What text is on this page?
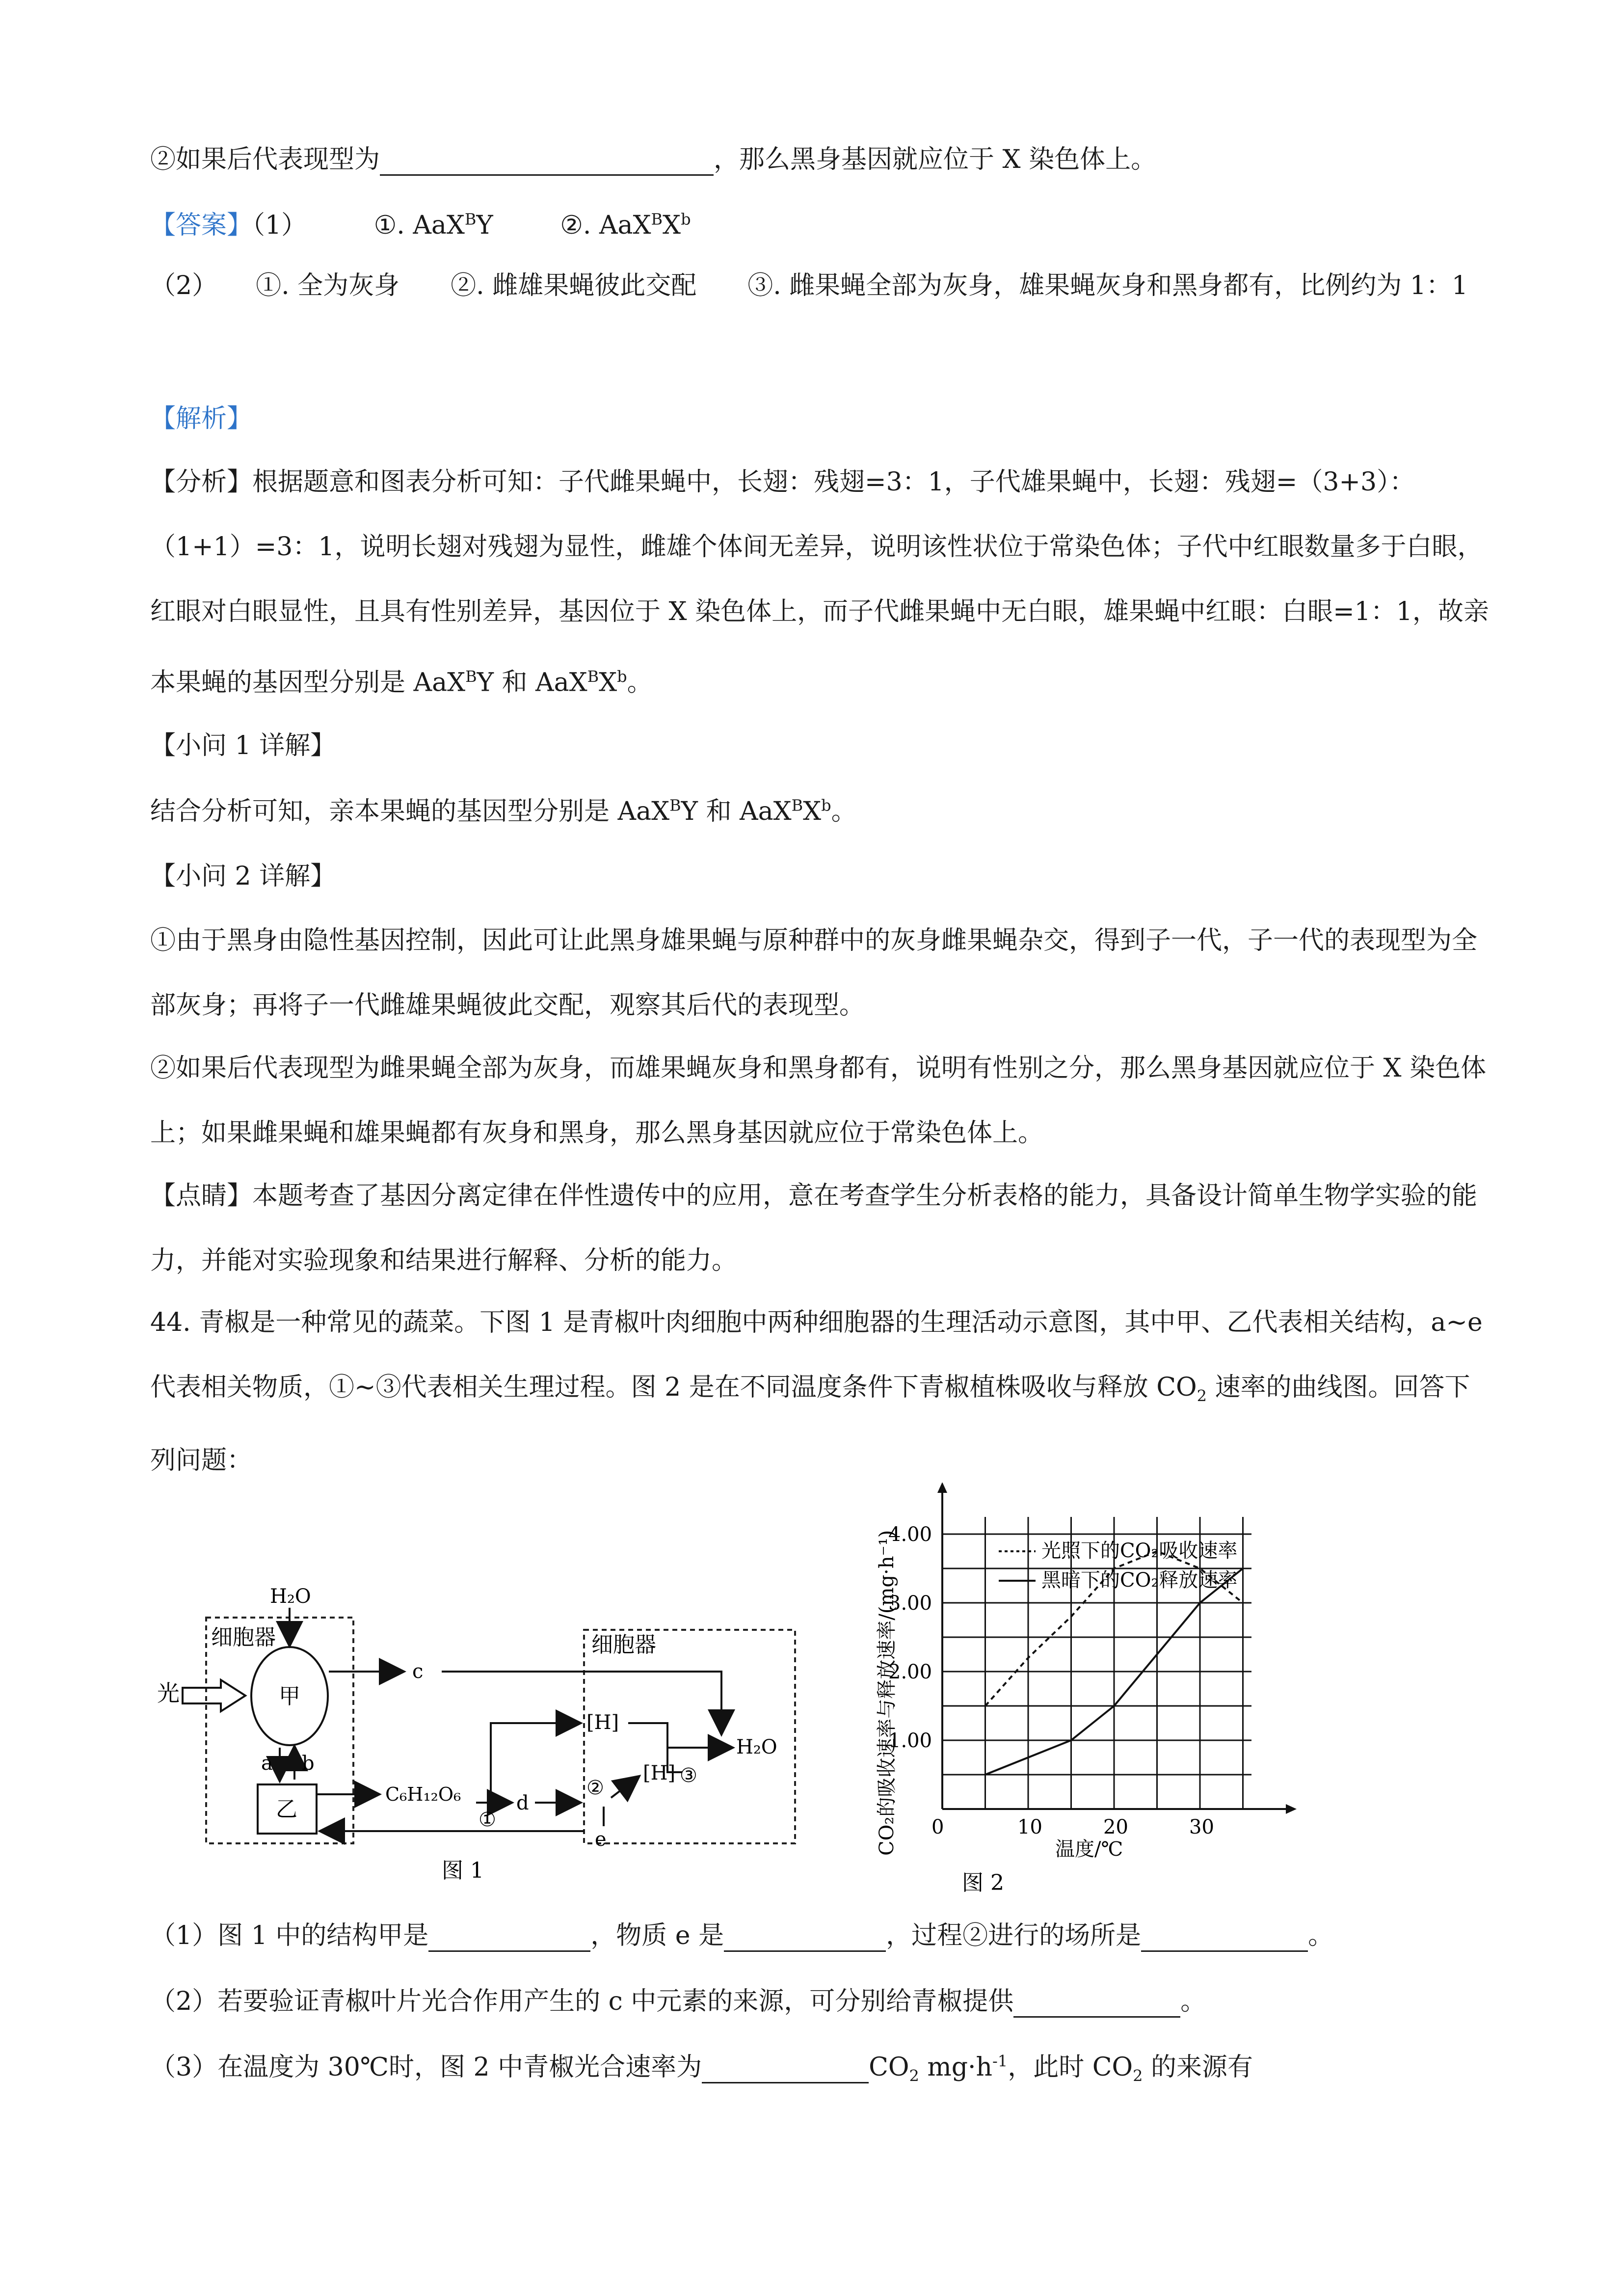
②如果后代表现型为	，那么黑身基因就应位于 X 染色体上。
【答案】（1）	①. AaX$^B$Y	②. $AaX^BX^b$

（2）　　①. 全为灰身　　②. 雌雄果蝇彼此交配　　③. 雌果蝇全部为灰身，雄果蝇灰身和黑身都有，比例约为 1：1

【解析】

【分析】根据题意和图表分析可知：子代雌果蝇中，长翅：残翅=3：1，子代雄果蝇中，长翅：残翅=（3+3）：（1+1）=3：1，说明长翅对残翅为显性，雌雄个体间无差异，说明该性状位于常染色体；子代中红眼数量多于白眼，红眼对白眼显性，且具有性别差异，基因位于 X 染色体上，而子代雌果蝇中无白眼，雄果蝇中红眼：白眼=1：1，故亲本果蝇的基因型分别是 AaX$^B$Y 和 $AaX^BX^b$。

【小问 1 详解】
结合分析可知，亲本果蝇的基因型分别是 AaX$^B$Y 和 $AaX^BX^b$。
【小问 2 详解】

①由于黑身由隐性基因控制，因此可让此黑身雄果蝇与原种群中的灰身雌果蝇杂交，得到子一代，子一代的表现型为全部灰身；再将子一代雌雄果蝇彼此交配，观察其后代的表现型。

②如果后代表现型为雌果蝇全部为灰身，而雄果蝇灰身和黑身都有，说明有性别之分，那么黑身基因就应位于 X 染色体上；如果雌果蝇和雄果蝇都有灰身和黑身，那么黑身基因就应位于常染色体上。

【点睛】本题考查了基因分离定律在伴性遗传中的应用，意在考查学生分析表格的能力，具备设计简单生物学实验的能力，并能对实验现象和结果进行解释、分析的能力。

44. 青椒是一种常见的蔬菜。下图 1 是青椒叶肉细胞中两种细胞器的生理活动示意图，其中甲、乙代表相关结构，a~e 代表相关物质，①~③代表相关生理过程。图 2 是在不同温度条件下青椒植株吸收与释放 $CO_2$ 速率的曲线图。回答下列问题：

细胞器	细胞器
H₂O
光	甲
a b
乙
c
C₆H₁₂O₆
①
d
[H]
②
[H]
e
H₂O
③
图 1
0	10	20	30
1.00
2.00
3.00
4.00
光照下的CO₂吸收速率
黑暗下的CO₂释放速率
CO₂的吸收速率与释放速率/(mg·h⁻¹)	温度/℃
图 2
（1）图 1 中的结构甲是	，物质 e 是	，过程②进行的场所是	。
（2）若要验证青椒叶片光合作用产生的 c 中元素的来源，可分别给青椒提供	。
（3）在温度为 30℃时，图 2 中青椒光合速率为	$CO_2$ $mg\cdot h^{-1}$，此时 $CO_2$ 的来源有
